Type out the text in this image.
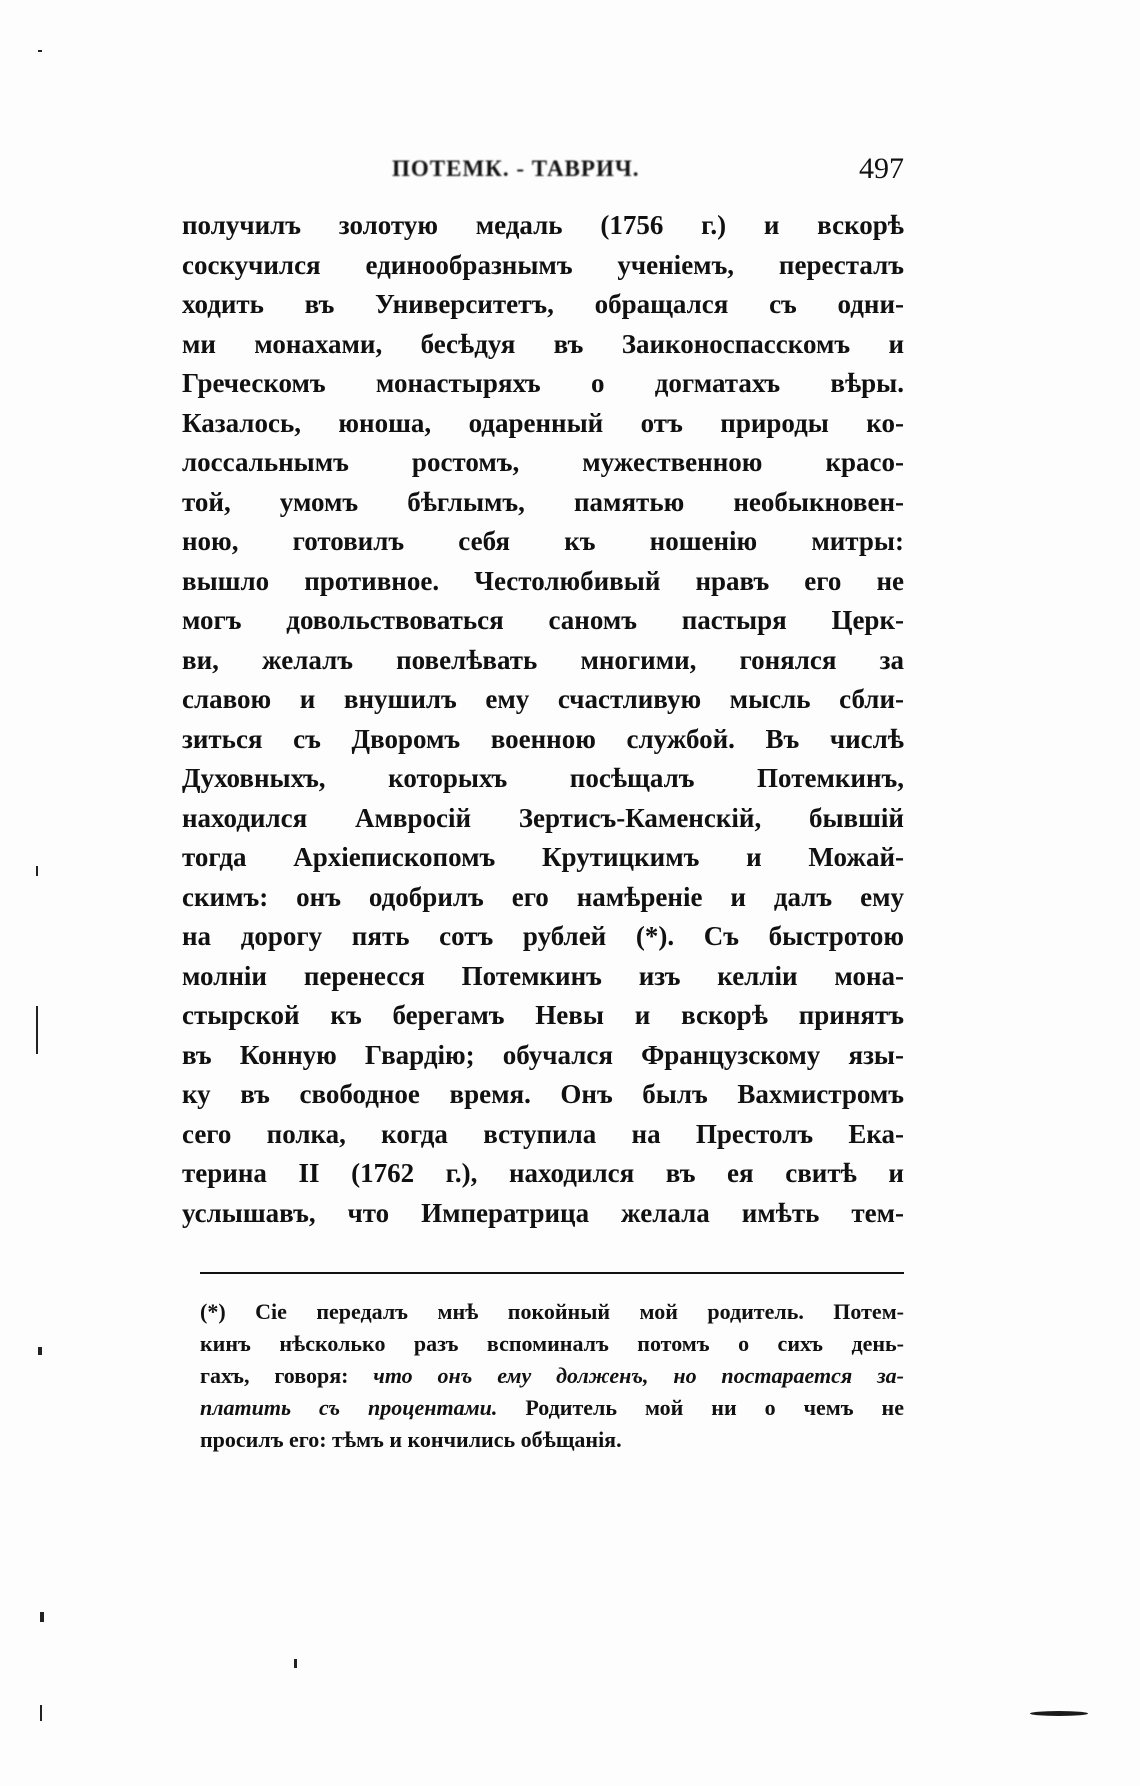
ПОТЕМК. - ТАВРИЧ.	497
получилъ золотую медаль (1756 г.) и вскорѣ
соскучился единообразнымъ ученіемъ, пересталъ
ходить въ Университетъ, обращался съ одни-
ми монахами, бесѣдуя въ Заиконоспасскомъ и
Греческомъ монастыряхъ о догматахъ вѣры.
Казалось, юноша, одаренный отъ природы ко-
лоссальнымъ ростомъ, мужественною красо-
той, умомъ бѣглымъ, памятью необыкновен-
ною, готовилъ себя къ ношенію митры:
вышло противное. Честолюбивый нравъ его не
могъ довольствоваться саномъ пастыря Церк-
ви, желалъ повелѣвать многими, гонялся за
славою и внушилъ ему счастливую мысль сбли-
зиться съ Дворомъ военною службой. Въ числѣ
Духовныхъ, которыхъ посѣщалъ Потемкинъ,
находился Амвросій Зертисъ-Каменскій, бывшій
тогда Архіепископомъ Крутицкимъ и Можай-
скимъ: онъ одобрилъ его намѣреніе и далъ ему
на дорогу пять сотъ рублей (*). Съ быстротою
молніи перенесся Потемкинъ изъ келліи мона-
стырской къ берегамъ Невы и вскорѣ принятъ
въ Конную Гвардію; обучался Французскому язы-
ку въ свободное время. Онъ былъ Вахмистромъ
сего полка, когда вступила на Престолъ Ека-
терина II (1762 г.), находился въ ея свитѣ и
услышавъ, что Императрица желала имѣть тем-
(*) Сіе передалъ мнѣ покойный мой родитель. Потем-
кинъ нѣсколько разъ вспоминалъ потомъ о сихъ день-
гахъ, говоря: что онъ ему долженъ, но постарается за-
платить съ процентами. Родитель мой ни о чемъ не
просилъ его: тѣмъ и кончились обѣщанія.
